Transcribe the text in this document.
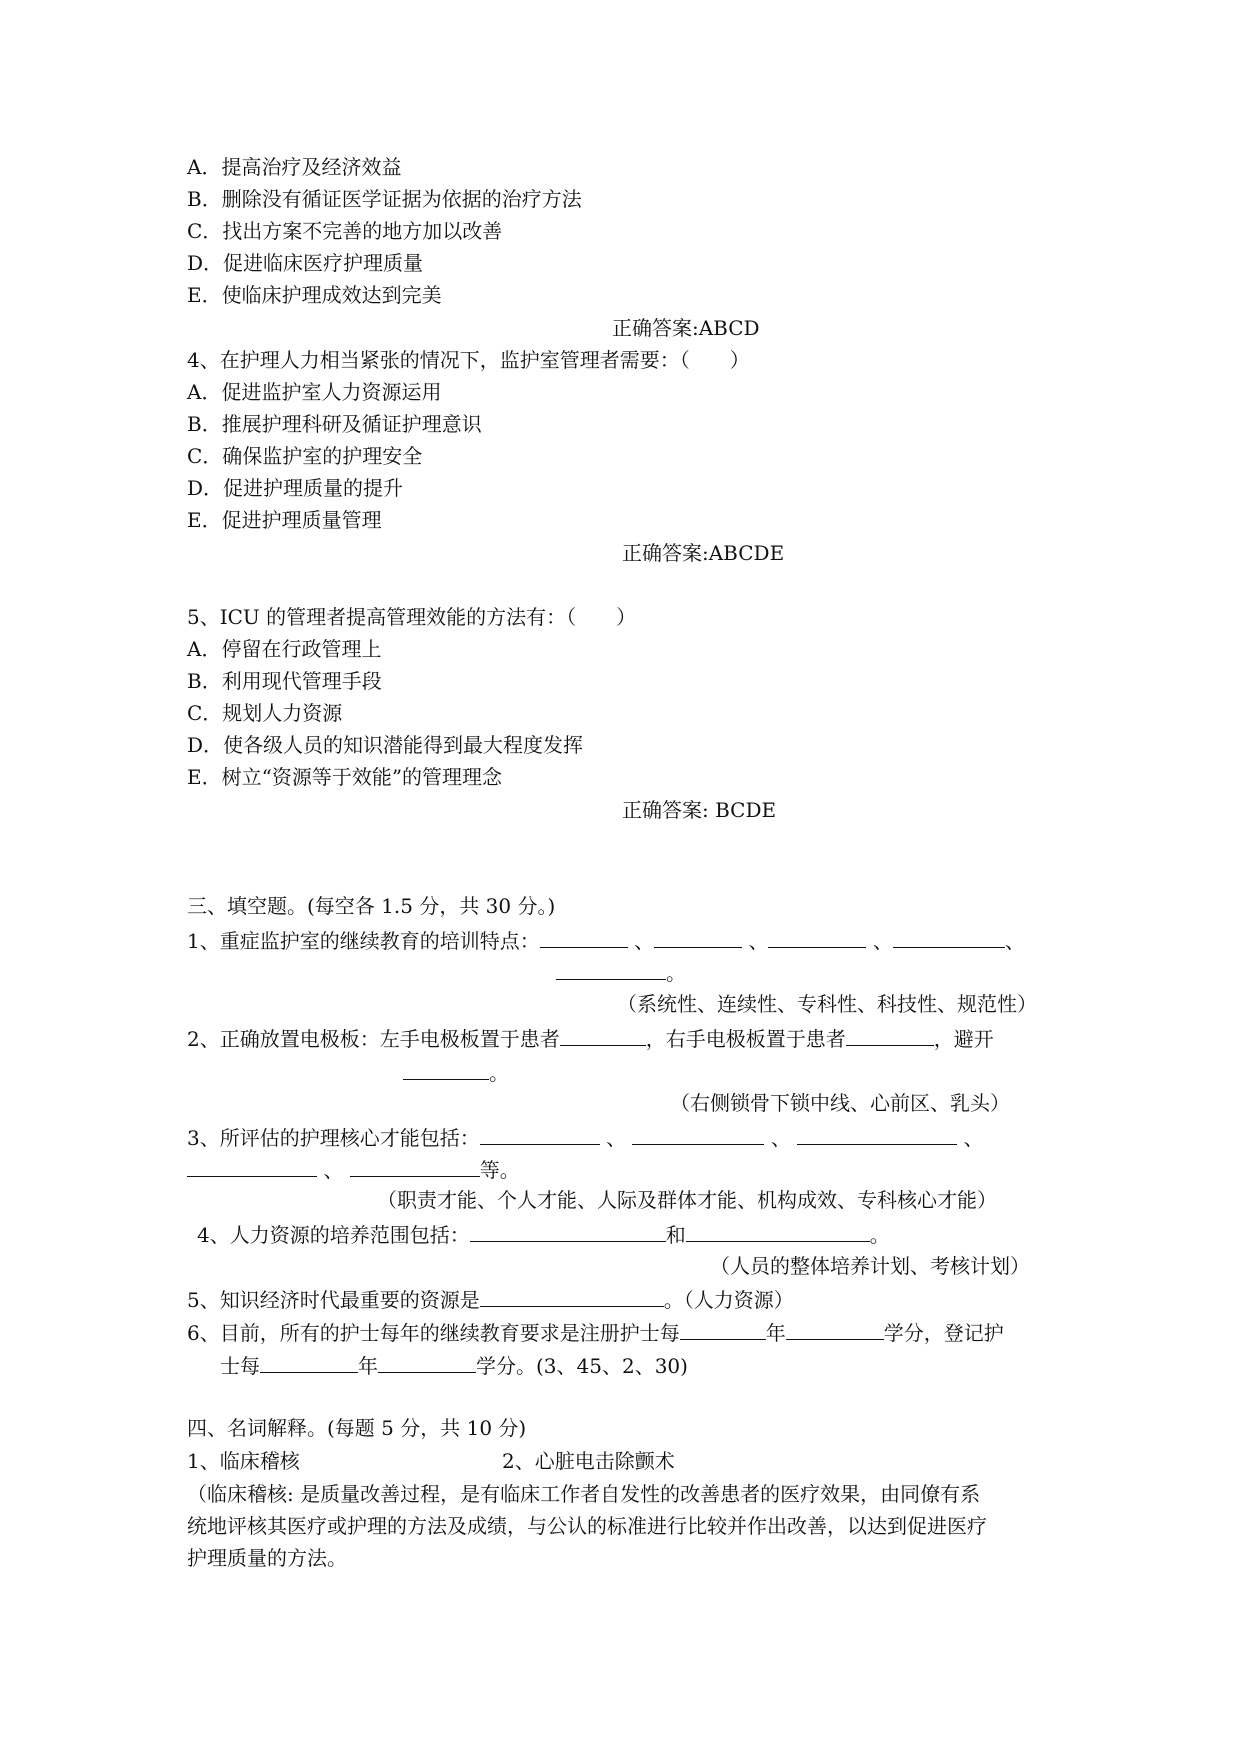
A．提高治疗及经济效益
B．删除没有循证医学证据为依据的治疗方法
C．找出方案不完善的地方加以改善
D．促进临床医疗护理质量
E．使临床护理成效达到完美
正确答案:ABCD
4、在护理人力相当紧张的情况下，监护室管理者需要：（　　）
A．促进监护室人力资源运用
B．推展护理科研及循证护理意识
C．确保监护室的护理安全
D．促进护理质量的提升
E．促进护理质量管理
正确答案:ABCDE
5、ICU 的管理者提高管理效能的方法有：（　　）
A．停留在行政管理上
B．利用现代管理手段
C．规划人力资源
D．使各级人员的知识潜能得到最大程度发挥
E．树立“资源等于效能”的管理理念
正确答案: BCDE
三、填空题。(每空各 1.5 分，共 30 分。)
1、重症监护室的继续教育的培训特点：	、	、	、	、
。
（系统性、连续性、专科性、科技性、规范性）
2、正确放置电极板：左手电极板置于患者	，右手电极板置于患者	，避开
。
（右侧锁骨下锁中线、心前区、乳头）
3、所评估的护理核心才能包括：	、	、	、
、	等。
（职责才能、个人才能、人际及群体才能、机构成效、专科核心才能）
4、人力资源的培养范围包括：	和	。
（人员的整体培养计划、考核计划）
5、知识经济时代最重要的资源是	。（人力资源）
6、目前，所有的护士每年的继续教育要求是注册护士每	年	学分，登记护
士每	年	学分。(3、45、2、30)
四、名词解释。(每题 5 分，共 10 分)
1、临床稽核	2、心脏电击除颤术
（临床稽核: 是质量改善过程，是有临床工作者自发性的改善患者的医疗效果，由同僚有系
统地评核其医疗或护理的方法及成绩，与公认的标准进行比较并作出改善，以达到促进医疗
护理质量的方法。
